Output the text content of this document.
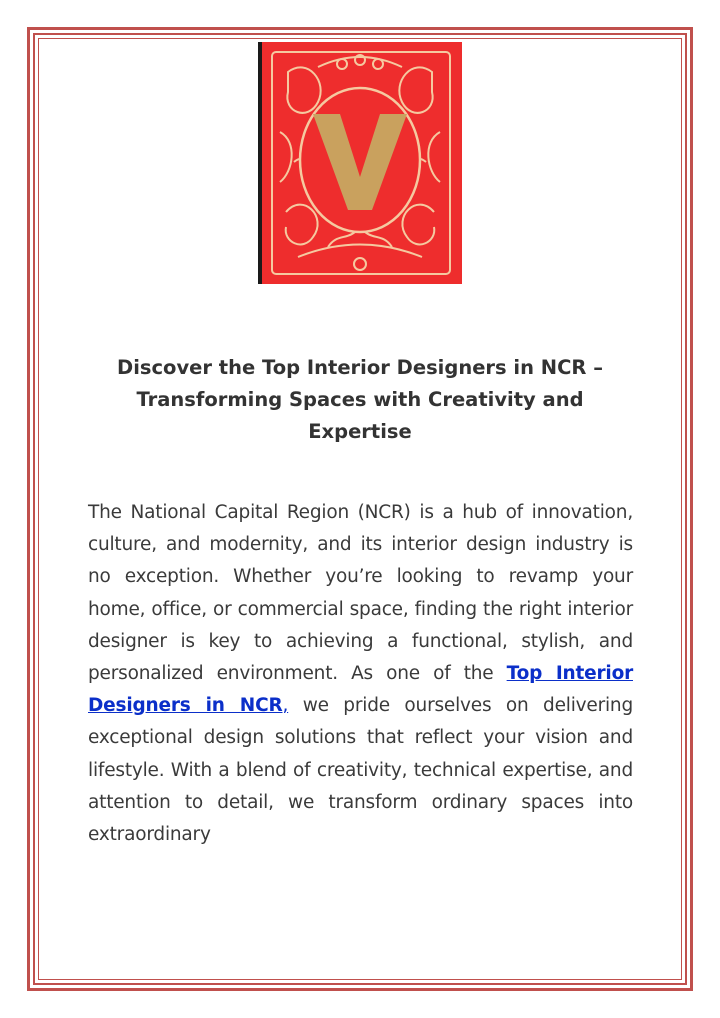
Discover the Top Interior Designers in NCR – Transforming Spaces with Creativity and Expertise

The National Capital Region (NCR) is a hub of innovation, culture, and modernity, and its interior design industry is no exception. Whether you’re looking to revamp your home, office, or commercial space, finding the right interior designer is key to achieving a functional, stylish, and personalized environment. As one of the Top Interior Designers in NCR, we pride ourselves on delivering exceptional design solutions that reflect your vision and lifestyle. With a blend of creativity, technical expertise, and attention to detail, we transform ordinary spaces into extraordinary
